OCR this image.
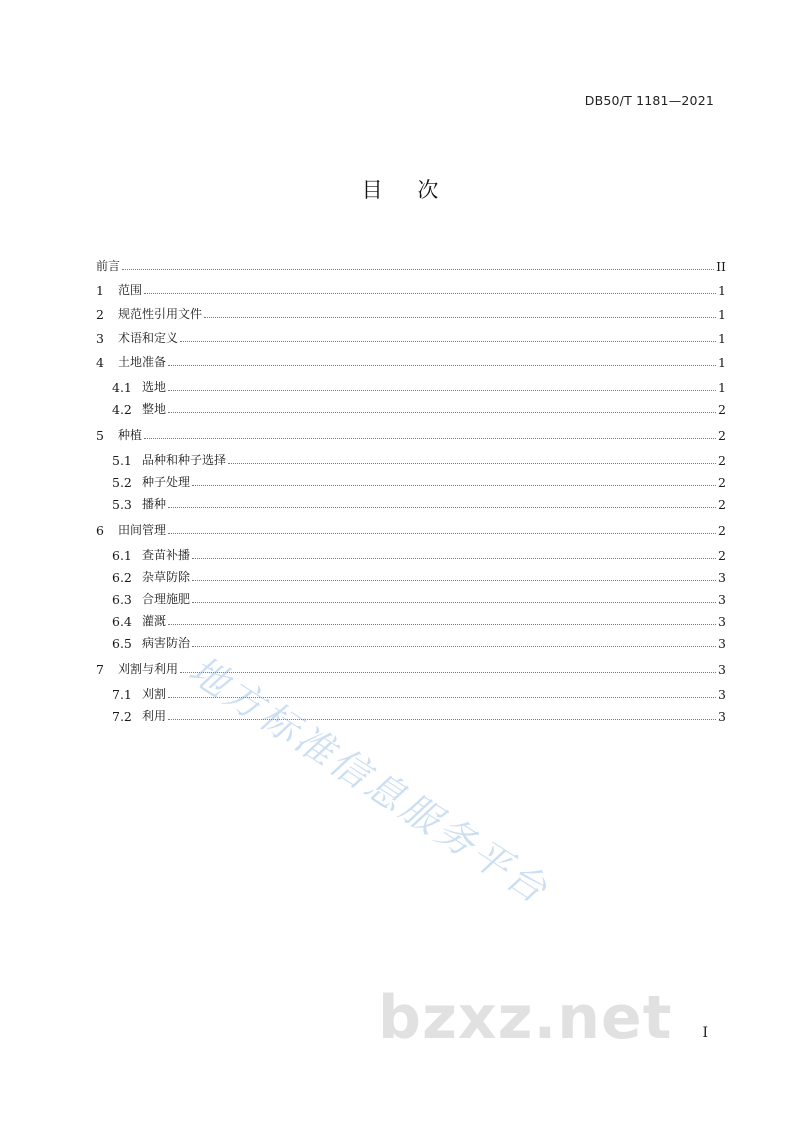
DB50/T 1181—2021
目 次
前言	II
1	范围	1
2	规范性引用文件	1
3	术语和定义	1
4	土地准备	1
4.1 选地	1
4.2 整地	2
5	种植	2
5.1 品种和种子选择	2
5.2 种子处理	2
5.3 播种	2
6	田间管理	2
6.1 查苗补播	2
6.2 杂草防除	3
6.3 合理施肥	3
6.4 灌溉	3
6.5 病害防治	3
7	刈割与利用	3
7.1 刈割	3
7.2 利用	3
I
地方标准信息服务平台
bzxz.net
